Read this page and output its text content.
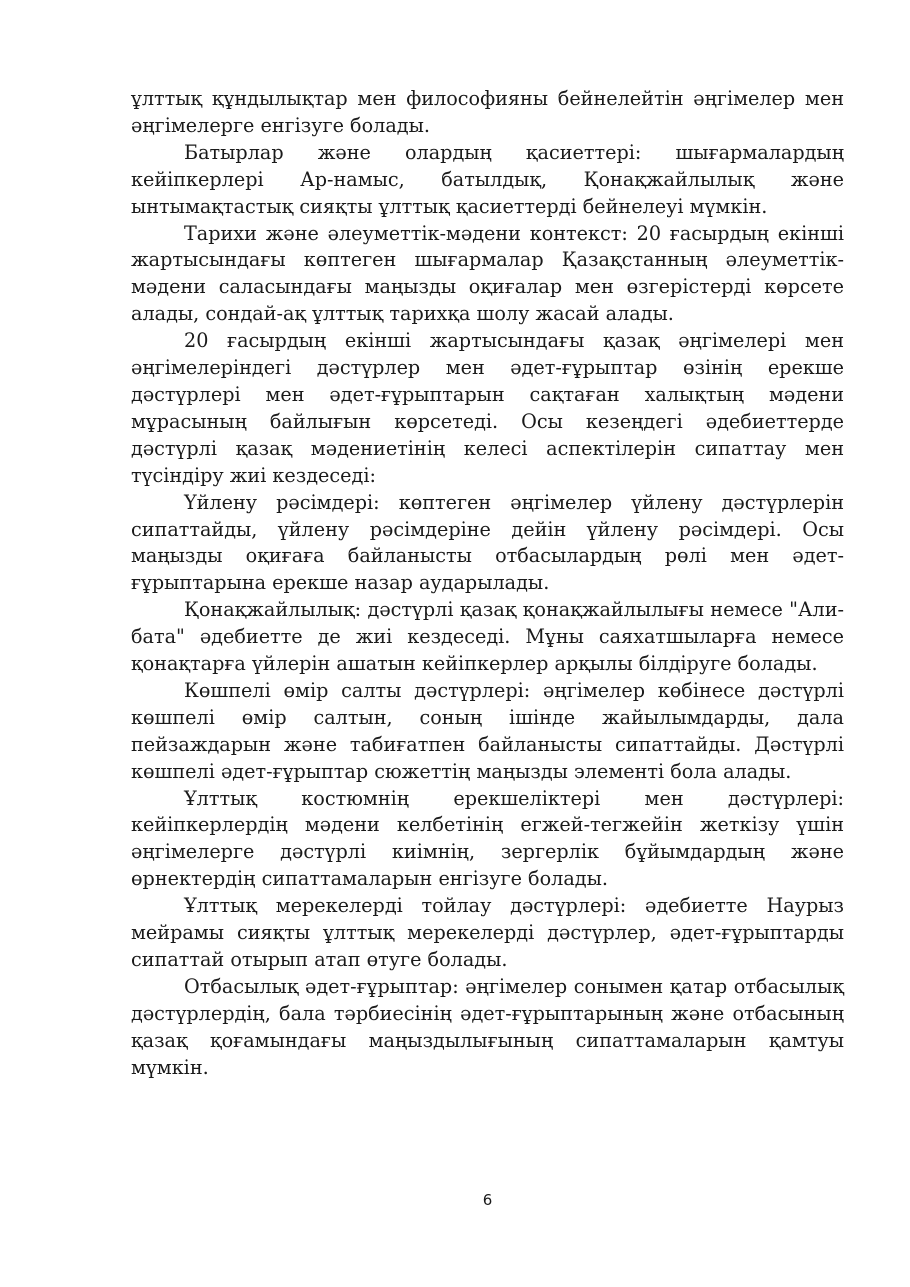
ұлттық құндылықтар мен философияны бейнелейтін әңгімелер мен әңгімелерге енгізуге болады.

Батырлар және олардың қасиеттері: шығармалардың кейіпкерлері Ар-намыс, батылдық, Қонақжайлылық және ынтымақтастық сияқты ұлттық қасиеттерді бейнелеуі мүмкін.

Тарихи және әлеуметтік-мәдени контекст: 20 ғасырдың екінші жартысындағы көптеген шығармалар Қазақстанның әлеуметтік-мәдени саласындағы маңызды оқиғалар мен өзгерістерді көрсете алады, сондай-ақ ұлттық тарихқа шолу жасай алады.

20 ғасырдың екінші жартысындағы қазақ әңгімелері мен әңгімелеріндегі дәстүрлер мен әдет-ғұрыптар өзінің ерекше дәстүрлері мен әдет-ғұрыптарын сақтаған халықтың мәдени мұрасының байлығын көрсетеді. Осы кезеңдегі әдебиеттерде дәстүрлі қазақ мәдениетінің келесі аспектілерін сипаттау мен түсіндіру жиі кездеседі:

Үйлену рәсімдері: көптеген әңгімелер үйлену дәстүрлерін сипаттайды, үйлену рәсімдеріне дейін үйлену рәсімдері. Осы маңызды оқиғаға байланысты отбасылардың рөлі мен әдет-ғұрыптарына ерекше назар аударылады.

Қонақжайлылық: дәстүрлі қазақ қонақжайлылығы немесе "Али-бата" әдебиетте де жиі кездеседі. Мұны саяхатшыларға немесе қонақтарға үйлерін ашатын кейіпкерлер арқылы білдіруге болады.

Көшпелі өмір салты дәстүрлері: әңгімелер көбінесе дәстүрлі көшпелі өмір салтын, соның ішінде жайылымдарды, дала пейзаждарын және табиғатпен байланысты сипаттайды. Дәстүрлі көшпелі әдет-ғұрыптар сюжеттің маңызды элементі бола алады.

Ұлттық костюмнің ерекшеліктері мен дәстүрлері: кейіпкерлердің мәдени келбетінің егжей-тегжейін жеткізу үшін әңгімелерге дәстүрлі киімнің, зергерлік бұйымдардың және өрнектердің сипаттамаларын енгізуге болады.

Ұлттық мерекелерді тойлау дәстүрлері: әдебиетте Наурыз мейрамы сияқты ұлттық мерекелерді дәстүрлер, әдет-ғұрыптарды сипаттай отырып атап өтуге болады.

Отбасылық әдет-ғұрыптар: әңгімелер сонымен қатар отбасылық дәстүрлердің, бала тәрбиесінің әдет-ғұрыптарының және отбасының қазақ қоғамындағы маңыздылығының сипаттамаларын қамтуы мүмкін.

6
